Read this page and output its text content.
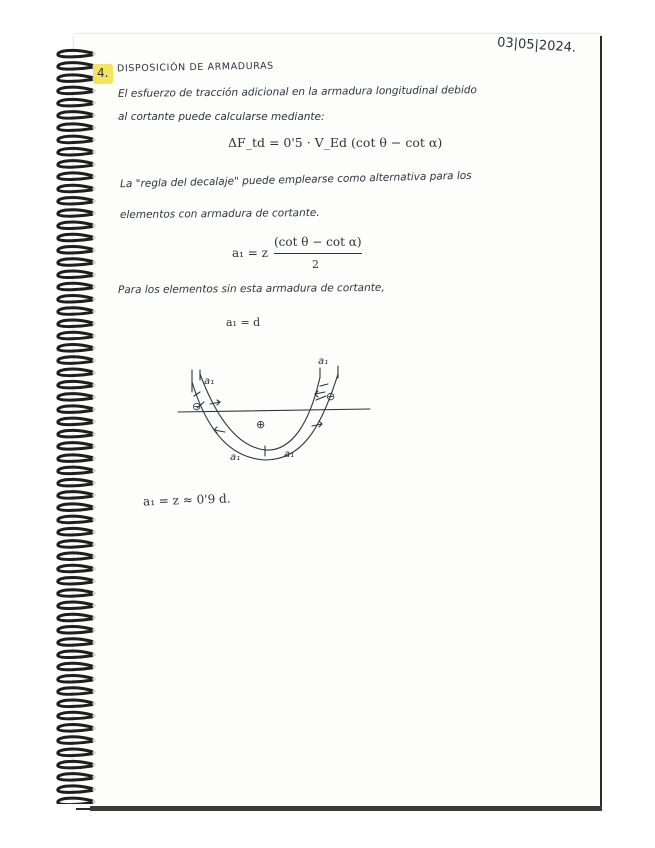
03|05|2024.
4. DISPOSICIÓN DE ARMADURAS
El esfuerzo de tracción adicional en la armadura longitudinal debido
al cortante puede calcularse mediante:
ΔF_td = 0'5 · V_Ed (cot θ − cot α)
La "regla del decalaje" puede emplearse como alternativa para los
elementos con armadura de cortante.
a₁ = z
(cot θ − cot α)
2
Para los elementos sin esta armadura de cortante,
a₁ = d
a₁
a₁
a₁	a₁
⊖
⊖
⊕
a₁ = z ≈ 0'9 d.
